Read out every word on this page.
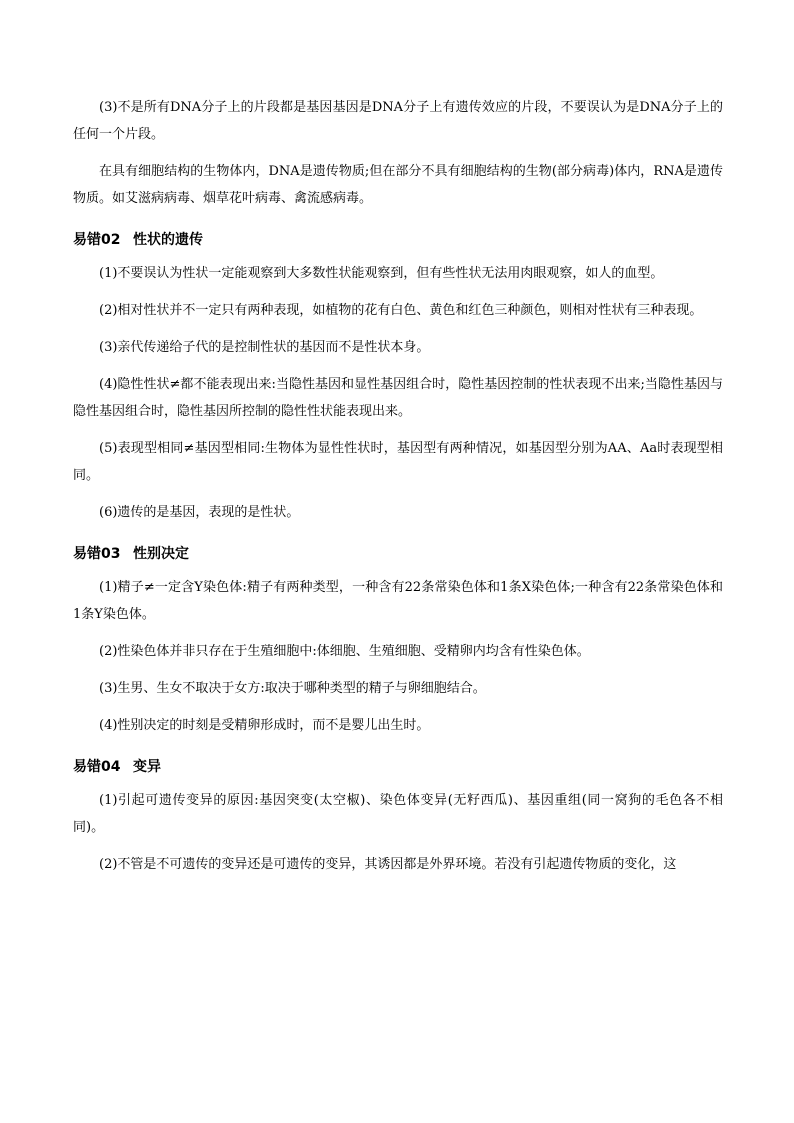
(3)不是所有DNA分子上的片段都是基因基因是DNA分子上有遗传效应的片段，不要误认为是DNA分子上的任何一个片段。

在具有细胞结构的生物体内，DNA是遗传物质;但在部分不具有细胞结构的生物(部分病毒)体内，RNA是遗传物质。如艾滋病病毒、烟草花叶病毒、禽流感病毒。

易错02 性状的遗传

(1)不要误认为性状一定能观察到大多数性状能观察到，但有些性状无法用肉眼观察，如人的血型。

(2)相对性状并不一定只有两种表现，如植物的花有白色、黄色和红色三种颜色，则相对性状有三种表现。

(3)亲代传递给子代的是控制性状的基因而不是性状本身。

(4)隐性性状≠都不能表现出来:当隐性基因和显性基因组合时，隐性基因控制的性状表现不出来;当隐性基因与隐性基因组合时，隐性基因所控制的隐性性状能表现出来。

(5)表现型相同≠基因型相同:生物体为显性性状时，基因型有两种情况，如基因型分别为AA、Aa时表现型相同。

(6)遗传的是基因，表现的是性状。

易错03 性别决定

(1)精子≠一定含Y染色体:精子有两种类型，一种含有22条常染色体和1条X染色体;一种含有22条常染色体和1条Y染色体。

(2)性染色体并非只存在于生殖细胞中:体细胞、生殖细胞、受精卵内均含有性染色体。

(3)生男、生女不取决于女方:取决于哪种类型的精子与卵细胞结合。

(4)性别决定的时刻是受精卵形成时，而不是婴儿出生时。

易错04 变异

(1)引起可遗传变异的原因:基因突变(太空椒)、染色体变异(无籽西瓜)、基因重组(同一窝狗的毛色各不相同)。

(2)不管是不可遗传的变异还是可遗传的变异，其诱因都是外界环境。若没有引起遗传物质的变化，这
